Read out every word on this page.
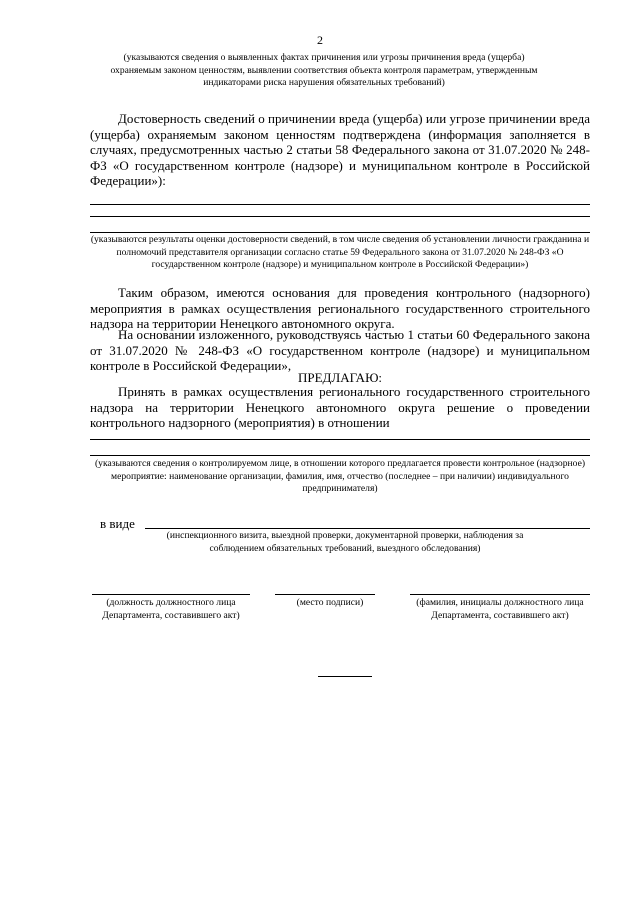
2
(указываются сведения о выявленных фактах причинения или угрозы причинения вреда (ущерба) охраняемым законом ценностям, выявлении соответствия объекта контроля параметрам, утвержденным индикаторами риска нарушения обязательных требований)
Достоверность сведений о причинении вреда (ущерба) или угрозе причинении вреда (ущерба) охраняемым законом ценностям подтверждена (информация заполняется в случаях, предусмотренных частью 2 статьи 58 Федерального закона от 31.07.2020 № 248-ФЗ «О государственном контроле (надзоре) и муниципальном контроле в Российской Федерации»):
(указываются результаты оценки достоверности сведений, в том числе сведения об установлении личности гражданина и полномочий представителя организации согласно статье 59 Федерального закона от 31.07.2020 № 248-ФЗ «О государственном контроле (надзоре) и муниципальном контроле в Российской Федерации»)
Таким образом, имеются основания для проведения контрольного (надзорного) мероприятия в рамках осуществления регионального государственного строительного надзора на территории Ненецкого автономного округа.
На основании изложенного, руководствуясь частью 1 статьи 60 Федерального закона от 31.07.2020 № 248-ФЗ «О государственном контроле (надзоре) и муниципальном контроле в Российской Федерации»,
ПРЕДЛАГАЮ:
Принять в рамках осуществления регионального государственного строительного надзора на территории Ненецкого автономного округа решение о проведении контрольного надзорного (мероприятия) в отношении
(указываются сведения о контролируемом лице, в отношении которого предлагается провести контрольное (надзорное) мероприятие: наименование организации, фамилия, имя, отчество (последнее – при наличии) индивидуального предпринимателя)
в виде
(инспекционного визита, выездной проверки, документарной проверки, наблюдения за соблюдением обязательных требований, выездного обследования)
(должность должностного лица Департамента, составившего акт)
(место подписи)	(фамилия, инициалы должностного лица Департамента, составившего акт)
